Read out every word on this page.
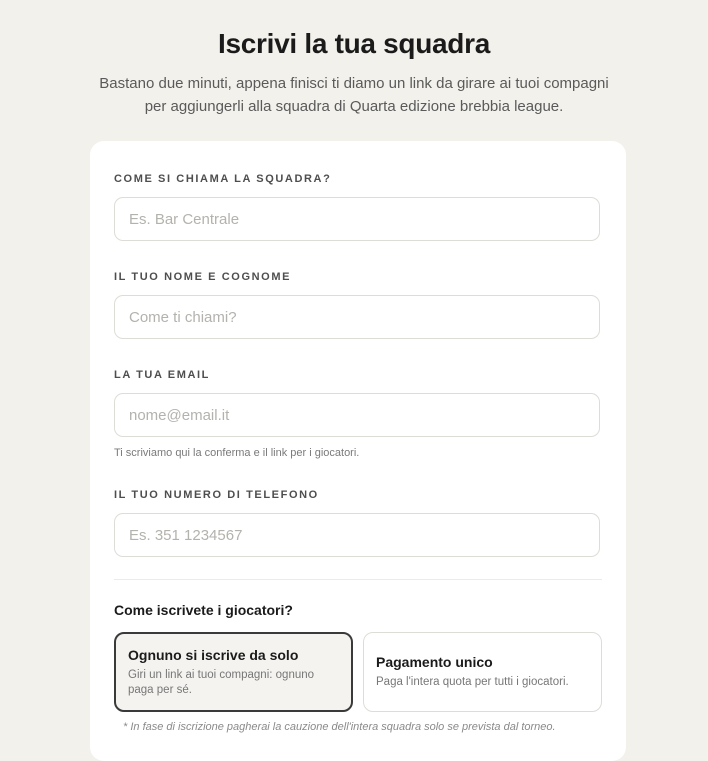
Iscrivi la tua squadra
Bastano due minuti, appena finisci ti diamo un link da girare ai tuoi compagni per aggiungerli alla squadra di Quarta edizione brebbia league.
COME SI CHIAMA LA SQUADRA?
Es. Bar Centrale
IL TUO NOME E COGNOME
Come ti chiami?
LA TUA EMAIL
nome@email.it
Ti scriviamo qui la conferma e il link per i giocatori.
IL TUO NUMERO DI TELEFONO
Es. 351 1234567
Come iscrivete i giocatori?
Ognuno si iscrive da solo
Giri un link ai tuoi compagni: ognuno paga per sé.
Pagamento unico
Paga l'intera quota per tutti i giocatori.
* In fase di iscrizione pagherai la cauzione dell'intera squadra solo se prevista dal torneo.
